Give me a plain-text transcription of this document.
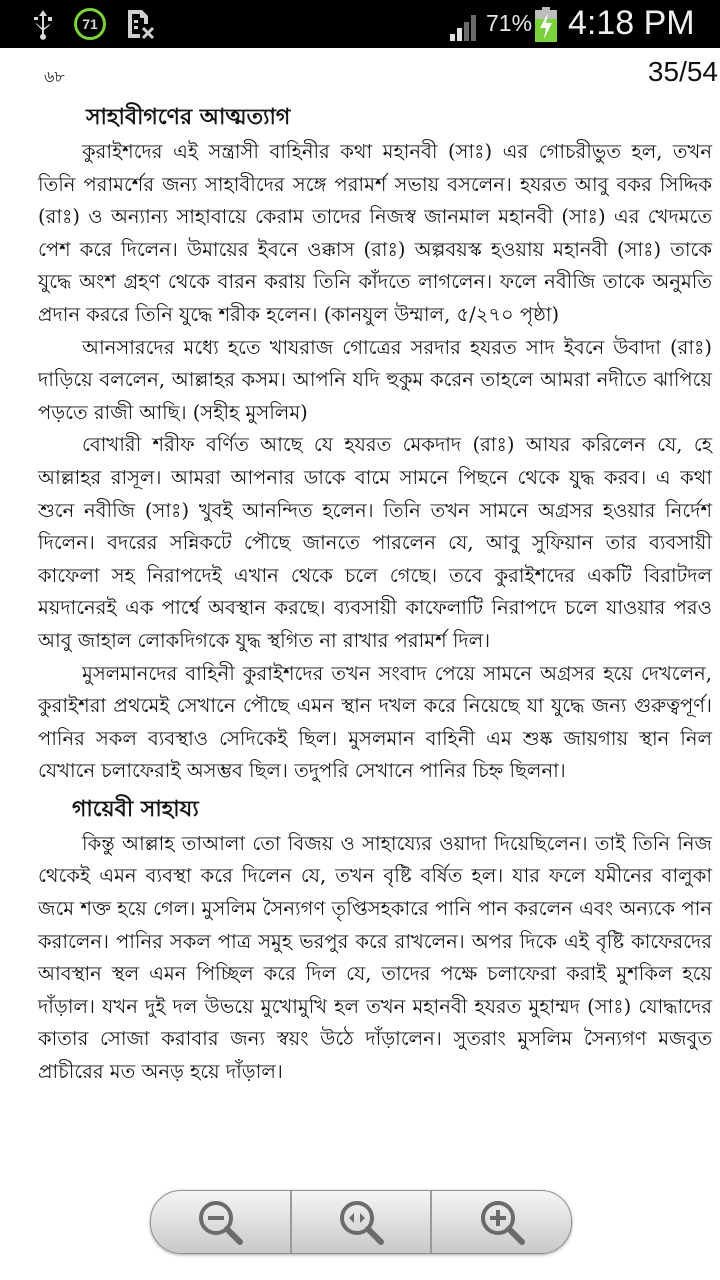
71	71% 4:18 PM
৬৮	35/54
সাহাবীগণের আত্মত্যাগ

কুরাইশদের এই সন্ত্রাসী বাহিনীর কথা মহানবী (সাঃ) এর গোচরীভুত হল, তখন তিনি পরামর্শের জন্য সাহাবীদের সঙ্গে পরামর্শ সভায় বসলেন। হযরত আবু বকর সিদ্দিক (রাঃ) ও অন্যান্য সাহাবায়ে কেরাম তাদের নিজস্ব জানমাল মহানবী (সাঃ) এর খেদমতে পেশ করে দিলেন। উমায়ের ইবনে ওক্কাস (রাঃ) অল্পবয়স্ক হওয়ায় মহানবী (সাঃ) তাকে যুদ্ধে অংশ গ্রহণ থেকে বারন করায় তিনি কাঁদতে লাগলেন। ফলে নবীজি তাকে অনুমতি প্রদান কররে তিনি যুদ্ধে শরীক হলেন। (কানযুল উম্মাল, ৫/২৭০ পৃষ্ঠা)

আনসারদের মধ্যে হতে খাযরাজ গোত্রের সরদার হযরত সাদ ইবনে উবাদা (রাঃ) দাড়িয়ে বললেন, আল্লাহর কসম। আপনি যদি হুকুম করেন তাহলে আমরা নদীতে ঝাপিয়ে পড়তে রাজী আছি। (সহীহ মুসলিম)

বোখারী শরীফ বর্ণিত আছে যে হযরত মেকদাদ (রাঃ) আযর করিলেন যে, হে আল্লাহর রাসূল। আমরা আপনার ডাকে বামে সামনে পিছনে থেকে যুদ্ধ করব। এ কথা শুনে নবীজি (সাঃ) খুবই আনন্দিত হলেন। তিনি তখন সামনে অগ্রসর হওয়ার নির্দেশ দিলেন। বদরের সন্নিকটে পৌছে জানতে পারলেন যে, আবু সুফিয়ান তার ব্যবসায়ী কাফেলা সহ নিরাপদেই এখান থেকে চলে গেছে। তবে কুরাইশদের একটি বিরাটদল ময়দানেরই এক পার্শ্বে অবস্থান করছে। ব্যবসায়ী কাফেলাটি নিরাপদে চলে যাওয়ার পরও আবু জাহাল লোকদিগকে যুদ্ধ স্থগিত না রাখার পরামর্শ দিল।

মুসলমানদের বাহিনী কুরাইশদের তখন সংবাদ পেয়ে সামনে অগ্রসর হয়ে দেখলেন, কুরাইশরা প্রথমেই সেখানে পৌছে এমন স্থান দখল করে নিয়েছে যা যুদ্ধে জন্য গুরুত্বপূর্ণ। পানির সকল ব্যবস্থাও সেদিকেই ছিল। মুসলমান বাহিনী এম শুষ্ক জায়গায় স্থান নিল যেখানে চলাফেরাই অসম্ভব ছিল। তদুপরি সেখানে পানির চিহ্ন ছিলনা।

গায়েবী সাহায্য

কিন্তু আল্লাহ তাআলা তো বিজয় ও সাহায্যের ওয়াদা দিয়েছিলেন। তাই তিনি নিজ থেকেই এমন ব্যবস্থা করে দিলেন যে, তখন বৃষ্টি বর্ষিত হল। যার ফলে যমীনের বালুকা জমে শক্ত হয়ে গেল। মুসলিম সৈন্যগণ তৃপ্তিসহকারে পানি পান করলেন এবং অন্যকে পান করালেন। পানির সকল পাত্র সমুহ ভরপুর করে রাখলেন। অপর দিকে এই বৃষ্টি কাফেরদের আবস্থান স্থল এমন পিচ্ছিল করে দিল যে, তাদের পক্ষে চলাফেরা করাই মুশকিল হয়ে দাঁড়াল। যখন দুই দল উভয়ে মুখোমুখি হল তখন মহানবী হযরত মুহাম্মদ (সাঃ) যোদ্ধাদের কাতার সোজা করাবার জন্য স্বয়ং উঠে দাঁড়ালেন। সুতরাং মুসলিম সৈন্যগণ মজবুত প্রাচীরের মত অনড় হয়ে দাঁড়াল।
